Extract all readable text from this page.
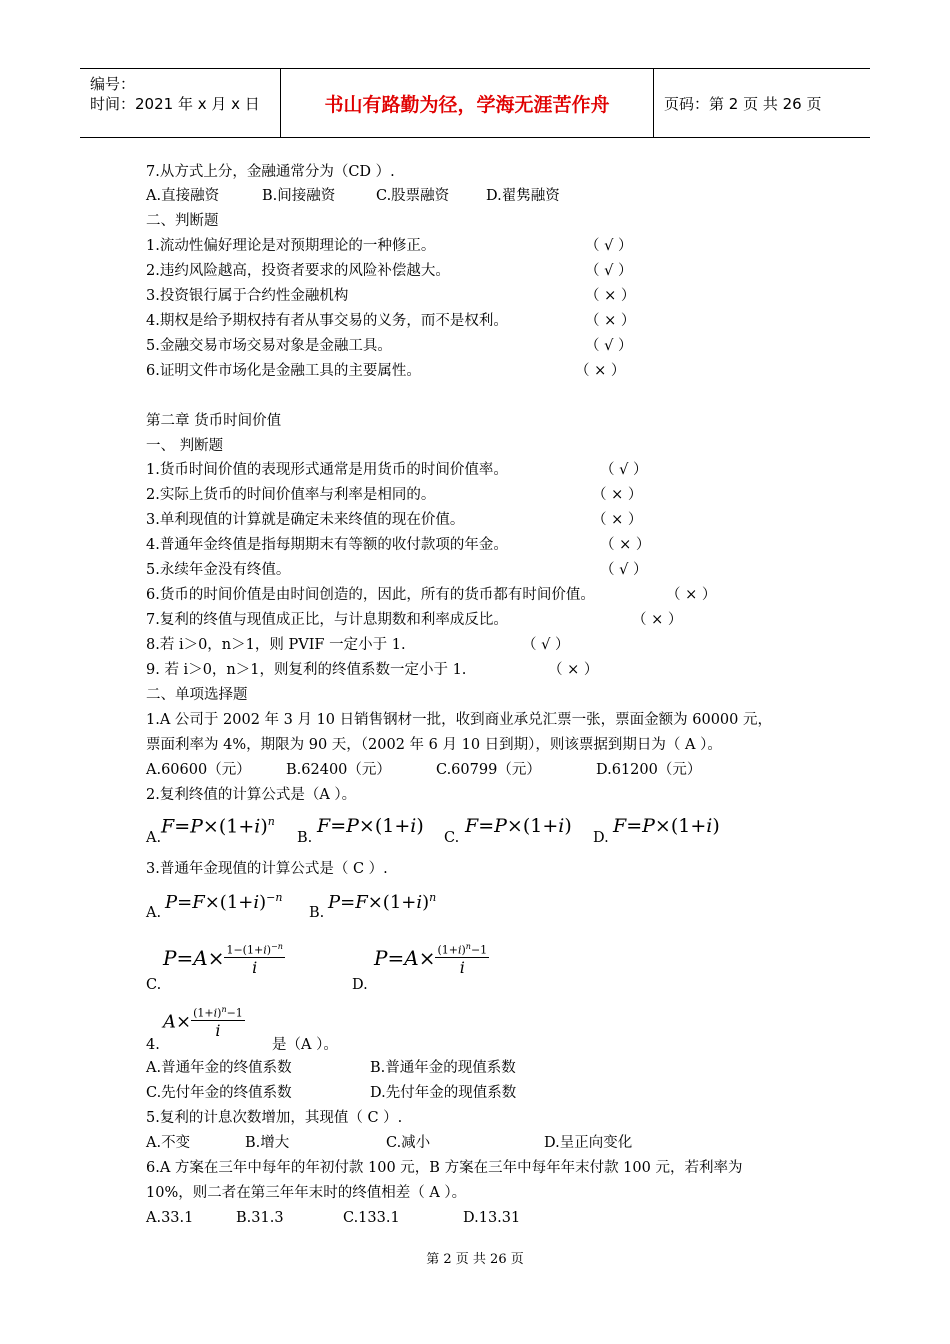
编号：
时间：2021 年 x 月 x 日	书山有路勤为径，学海无涯苦作舟	页码：第 2 页 共 26 页
7.从方式上分，金融通常分为（CD ）.
A.直接融资	B.间接融资	C.股票融资	D.翟隽融资
二、判断题
1.流动性偏好理论是对预期理论的一种修正。	（ √ ）
2.违约风险越高，投资者要求的风险补偿越大。	（ √ ）
3.投资银行属于合约性金融机构	（ × ）
4.期权是给予期权持有者从事交易的义务，而不是权利。	（ × ）
5.金融交易市场交易对象是金融工具。	（ √ ）
6.证明文件市场化是金融工具的主要属性。	（ × ）
第二章 货币时间价值
一、 判断题
1.货币时间价值的表现形式通常是用货币的时间价值率。	（ √ ）
2.实际上货币的时间价值率与利率是相同的。	（ × ）
3.单利现值的计算就是确定未来终值的现在价值。	（ × ）
4.普通年金终值是指每期期末有等额的收付款项的年金。	（ × ）
5.永续年金没有终值。	（ √ ）
6.货币的时间价值是由时间创造的，因此，所有的货币都有时间价值。	（ × ）
7.复利的终值与现值成正比，与计息期数和利率成反比。	（ × ）
8.若 i＞0，n＞1，则 PVIF 一定小于 1.	（ √ ）
9. 若 i＞0，n＞1，则复利的终值系数一定小于 1.	（ × ）
二、单项选择题
1.A 公司于 2002 年 3 月 10 日销售钢材一批，收到商业承兑汇票一张，票面金额为 60000 元，
票面利率为 4%，期限为 90 天，（2002 年 6 月 10 日到期），则该票据到期日为（ A ）。
A.60600（元） B.62400（元）	C.60799（元）	D.61200（元）
2.复利终值的计算公式是（A ）。
A.
$F=P\times(1+i)^n$
B.
F=P×(1+i)
C.
F=P×(1+i)
D.
F=P×(1+i)
3.普通年金现值的计算公式是（ C ）.
A. $P=F\times(1+i)^{-n}$
B. $P=F\times(1+i)^n$
C.
$P=A\times \frac{1-(1+i)^{-n}}{i}$
D.
$P=A\times \frac{(1+i)^n-1}{i}$
4.
$A\times \frac{(1+i)^n-1}{i}$
是（A ）。
A.普通年金的终值系数	B.普通年金的现值系数
C.先付年金的终值系数	D.先付年金的现值系数
5.复利的计息次数增加，其现值（ C ）.
A.不变	B.增大	C.减小	D.呈正向变化
6.A 方案在三年中每年的年初付款 100 元，B 方案在三年中每年年末付款 100 元，若利率为
10%，则二者在第三年年末时的终值相差（ A ）。
A.33.1	B.31.3	C.133.1	D.13.31
第 2 页 共 26 页
